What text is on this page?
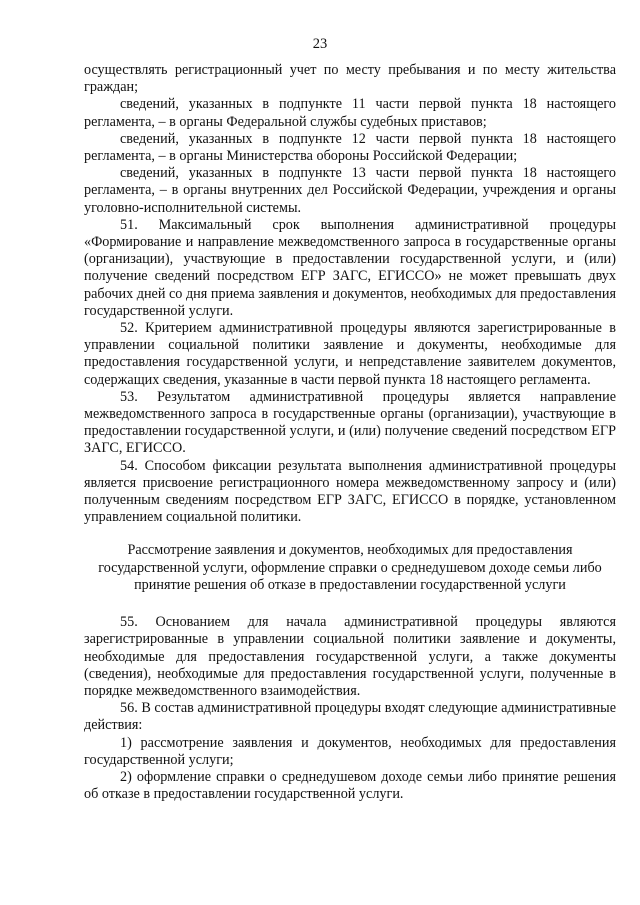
23

осуществлять регистрационный учет по месту пребывания и по месту жительства граждан;

сведений, указанных в подпункте 11 части первой пункта 18 настоящего регламента, – в органы Федеральной службы судебных приставов;

сведений, указанных в подпункте 12 части первой пункта 18 настоящего регламента, – в органы Министерства обороны Российской Федерации;

сведений, указанных в подпункте 13 части первой пункта 18 настоящего регламента, – в органы внутренних дел Российской Федерации, учреждения и органы уголовно-исполнительной системы.

51. Максимальный срок выполнения административной процедуры «Формирование и направление межведомственного запроса в государственные органы (организации), участвующие в предоставлении государственной услуги, и (или) получение сведений посредством ЕГР ЗАГС, ЕГИССО» не может превышать двух рабочих дней со дня приема заявления и документов, необходимых для предоставления государственной услуги.

52. Критерием административной процедуры являются зарегистрированные в управлении социальной политики заявление и документы, необходимые для предоставления государственной услуги, и непредставление заявителем документов, содержащих сведения, указанные в части первой пункта 18 настоящего регламента.

53. Результатом административной процедуры является направление межведомственного запроса в государственные органы (организации), участвующие в предоставлении государственной услуги, и (или) получение сведений посредством ЕГР ЗАГС, ЕГИССО.

54. Способом фиксации результата выполнения административной процедуры является присвоение регистрационного номера межведомственному запросу и (или) полученным сведениям посредством ЕГР ЗАГС, ЕГИССО в порядке, установленном управлением социальной политики.

Рассмотрение заявления и документов, необходимых для предоставления государственной услуги, оформление справки о среднедушевом доходе семьи либо принятие решения об отказе в предоставлении государственной услуги

55. Основанием для начала административной процедуры являются зарегистрированные в управлении социальной политики заявление и документы, необходимые для предоставления государственной услуги, а также документы (сведения), необходимые для предоставления государственной услуги, полученные в порядке межведомственного взаимодействия.

56. В состав административной процедуры входят следующие административные действия:

1) рассмотрение заявления и документов, необходимых для предоставления государственной услуги;

2) оформление справки о среднедушевом доходе семьи либо принятие решения об отказе в предоставлении государственной услуги.
